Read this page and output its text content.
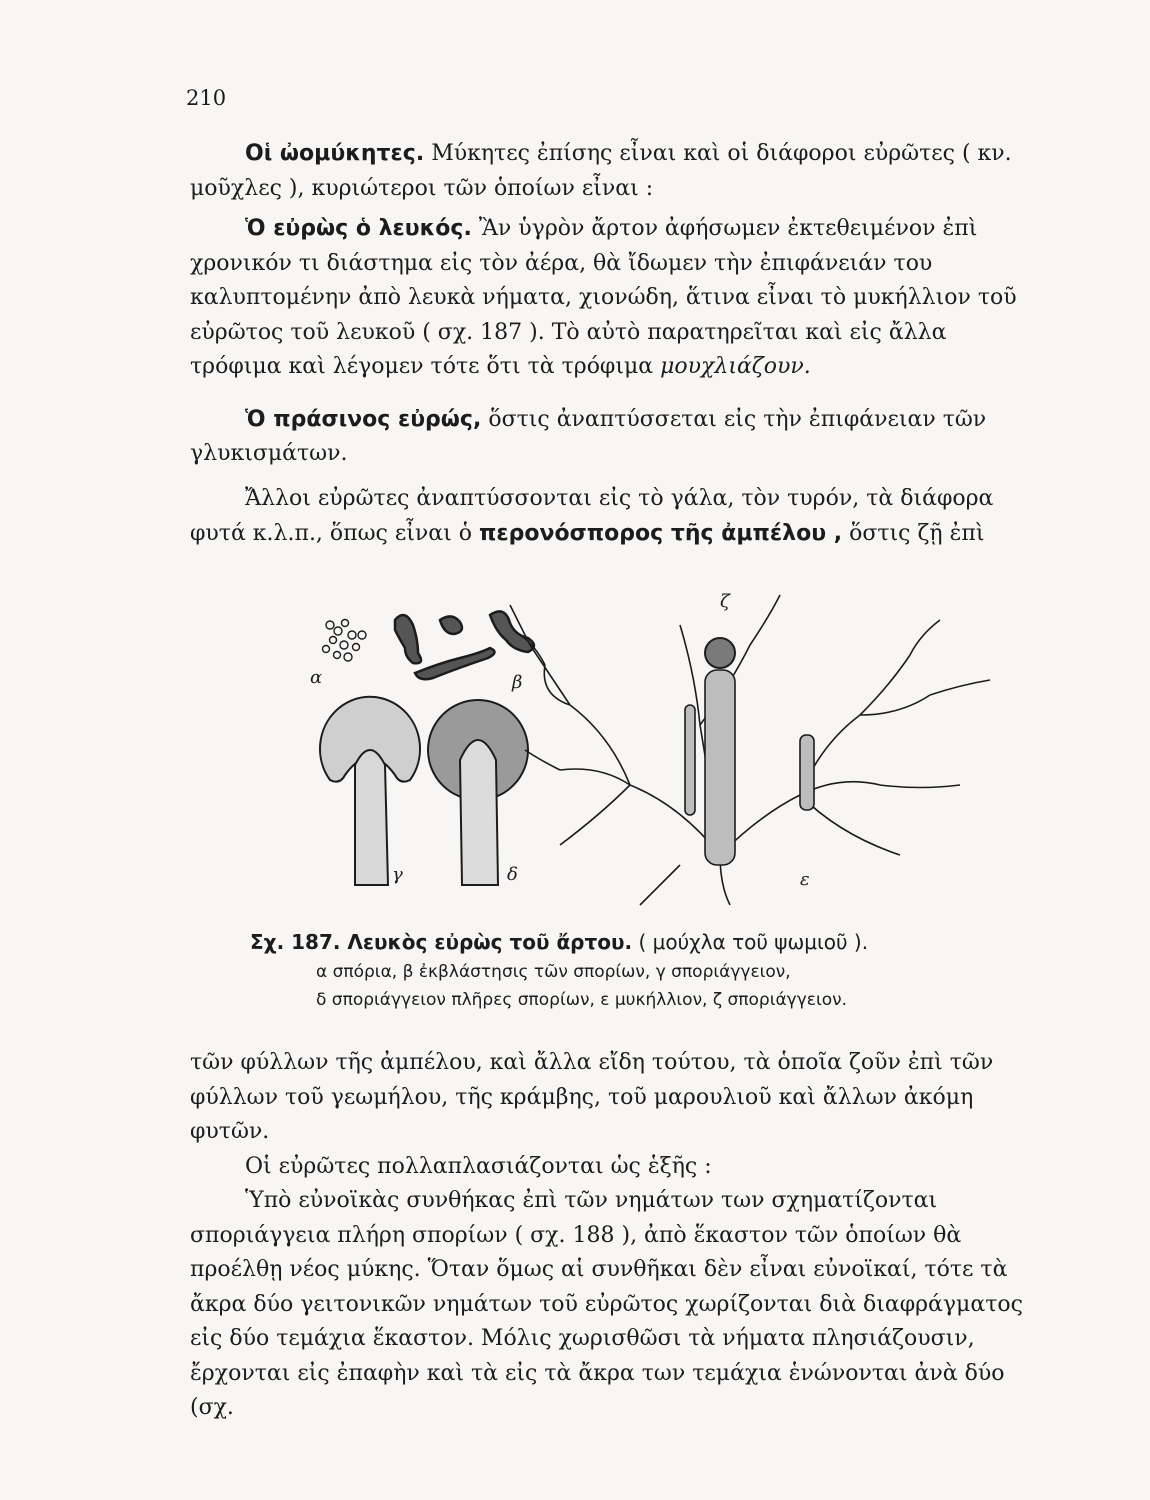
210

Οἱ ὠομύκητες. Μύκητες ἐπίσης εἶναι καὶ οἱ διάφοροι εὐρῶτες ( κν. μοῦχλες ), κυριώτεροι τῶν ὁποίων εἶναι :

Ὁ εὐρὼς ὁ λευκός. Ἂν ὑγρὸν ἄρτον ἀφήσωμεν ἐκτεθειμένον ἐπὶ χρονικόν τι διάστημα εἰς τὸν ἀέρα, θὰ ἴδωμεν τὴν ἐπιφάνειάν του καλυπτομένην ἀπὸ λευκὰ νήματα, χιονώδη, ἅτινα εἶναι τὸ μυκήλλιον τοῦ εὐρῶτος τοῦ λευκοῦ ( σχ. 187 ). Τὸ αὐτὸ παρατηρεῖται καὶ εἰς ἄλλα τρόφιμα καὶ λέγομεν τότε ὅτι τὰ τρόφιμα μουχλιάζουν.

Ὁ πράσινος εὐρώς, ὅστις ἀναπτύσσεται εἰς τὴν ἐπιφάνειαν τῶν γλυκισμάτων.

Ἄλλοι εὐρῶτες ἀναπτύσσονται εἰς τὸ γάλα, τὸν τυρόν, τὰ διάφορα φυτά κ.λ.π., ὅπως εἶναι ὁ περονόσπορος τῆς ἀμπέλου , ὅστις ζῇ ἐπὶ

α	β
γ	δ	ε
ζ
Σχ. 187. Λευκὸς εὐρὼς τοῦ ἄρτου. ( μούχλα τοῦ ψωμιοῦ ).
α σπόρια, β ἐκβλάστησις τῶν σπορίων, γ σποριάγγειον,
δ σποριάγγειον πλῆρες σπορίων, ε μυκήλλιον, ζ σποριάγγειον.

τῶν φύλλων τῆς ἀμπέλου, καὶ ἄλλα εἴδη τούτου, τὰ ὁποῖα ζοῦν ἐπὶ τῶν φύλλων τοῦ γεωμήλου, τῆς κράμβης, τοῦ μαρουλιοῦ καὶ ἄλλων ἀκόμη φυτῶν.

Οἱ εὐρῶτες πολλαπλασιάζονται ὡς ἑξῆς :

Ὑπὸ εὐνοϊκὰς συνθήκας ἐπὶ τῶν νημάτων των σχηματίζονται σποριάγγεια πλήρη σπορίων ( σχ. 188 ), ἀπὸ ἕκαστον τῶν ὁποίων θὰ προέλθῃ νέος μύκης. Ὅταν ὅμως αἱ συνθῆκαι δὲν εἶναι εὐνοϊκαί, τότε τὰ ἄκρα δύο γειτονικῶν νημάτων τοῦ εὐρῶτος χωρίζονται διὰ διαφράγματος εἰς δύο τεμάχια ἕκαστον. Μόλις χωρισθῶσι τὰ νήματα πλησιάζουσιν, ἔρχονται εἰς ἐπαφὴν καὶ τὰ εἰς τὰ ἄκρα των τεμάχια ἑνώνονται ἀνὰ δύο (σχ.
